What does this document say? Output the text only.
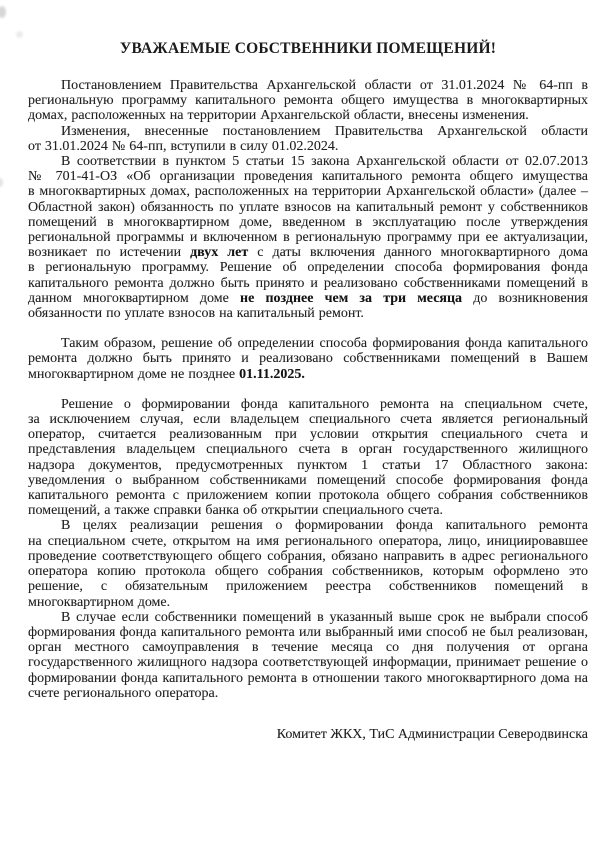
УВАЖАЕМЫЕ СОБСТВЕННИКИ ПОМЕЩЕНИЙ!

Постановлением Правительства Архангельской области от 31.01.2024 № 64-пп в региональную программу капитального ремонта общего имущества в многоквартирных домах, расположенных на территории Архангельской области, внесены изменения.

Изменения, внесенные постановлением Правительства Архангельской области от 31.01.2024 № 64-пп, вступили в силу 01.02.2024.

В соответствии в пунктом 5 статьи 15 закона Архангельской области от 02.07.2013 № 701-41-ОЗ «Об организации проведения капитального ремонта общего имущества в многоквартирных домах, расположенных на территории Архангельской области» (далее – Областной закон) обязанность по уплате взносов на капитальный ремонт у собственников помещений в многоквартирном доме, введенном в эксплуатацию после утверждения региональной программы и включенном в региональную программу при ее актуализации, возникает по истечении двух лет с даты включения данного многоквартирного дома в региональную программу. Решение об определении способа формирования фонда капитального ремонта должно быть принято и реализовано собственниками помещений в данном многоквартирном доме не позднее чем за три месяца до возникновения обязанности по уплате взносов на капитальный ремонт.

Таким образом, решение об определении способа формирования фонда капитального ремонта должно быть принято и реализовано собственниками помещений в Вашем многоквартирном доме не позднее 01.11.2025.

Решение о формировании фонда капитального ремонта на специальном счете, за исключением случая, если владельцем специального счета является региональный оператор, считается реализованным при условии открытия специального счета и представления владельцем специального счета в орган государственного жилищного надзора документов, предусмотренных пунктом 1 статьи 17 Областного закона: уведомления о выбранном собственниками помещений способе формирования фонда капитального ремонта с приложением копии протокола общего собрания собственников помещений, а также справки банка об открытии специального счета.

В целях реализации решения о формировании фонда капитального ремонта на специальном счете, открытом на имя регионального оператора, лицо, инициировавшее проведение соответствующего общего собрания, обязано направить в адрес регионального оператора копию протокола общего собрания собственников, которым оформлено это решение, с обязательным приложением реестра собственников помещений в многоквартирном доме.

В случае если собственники помещений в указанный выше срок не выбрали способ формирования фонда капитального ремонта или выбранный ими способ не был реализован, орган местного самоуправления в течение месяца со дня получения от органа государственного жилищного надзора соответствующей информации, принимает решение о формировании фонда капитального ремонта в отношении такого многоквартирного дома на счете регионального оператора.

Комитет ЖКХ, ТиС Администрации Северодвинска
